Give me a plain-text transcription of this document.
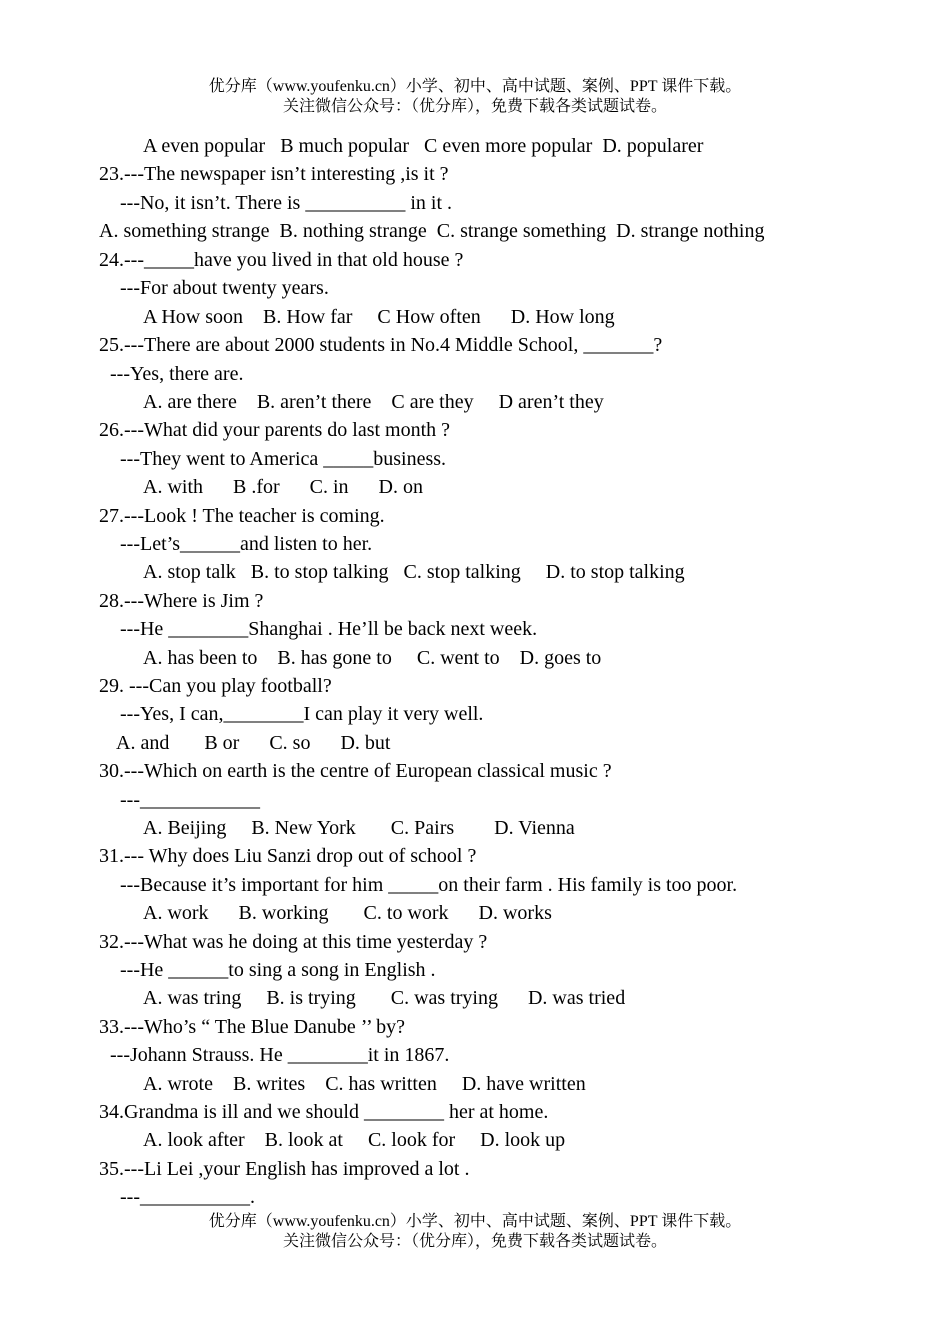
优分库（www.youfenku.cn）小学、初中、高中试题、案例、PPT 课件下载。
关注微信公众号：（优分库），免费下载各类试题试卷。
A even popular   B much popular   C even more popular  D. popularer
23.---The newspaper isn’t interesting ,is it ?
---No, it isn’t. There is __________ in it .
A. something strange  B. nothing strange  C. strange something  D. strange nothing
24.---_____have you lived in that old house ?
---For about twenty years.
A How soon    B. How far     C How often      D. How long
25.---There are about 2000 students in No.4 Middle School, _______?
---Yes, there are.
A. are there    B. aren’t there    C are they     D aren’t they
26.---What did your parents do last month ?
---They went to America _____business.
A. with      B .for      C. in      D. on
27.---Look ! The teacher is coming.
---Let’s______and listen to her.
A. stop talk   B. to stop talking   C. stop talking     D. to stop talking
28.---Where is Jim ?
---He ________Shanghai . He’ll be back next week.
A. has been to    B. has gone to     C. went to    D. goes to
29. ---Can you play football?
---Yes, I can,________I can play it very well.
A. and       B or      C. so      D. but
30.---Which on earth is the centre of European classical music ?
---____________
A. Beijing     B. New York       C. Pairs        D. Vienna
31.--- Why does Liu Sanzi drop out of school ?
---Because it’s important for him _____on their farm . His family is too poor.
A. work      B. working       C. to work      D. works
32.---What was he doing at this time yesterday ?
---He ______to sing a song in English .
A. was tring     B. is trying       C. was trying      D. was tried
33.---Who’s “ The Blue Danube ’’ by?
---Johann Strauss. He ________it in 1867.
A. wrote    B. writes    C. has written     D. have written
34.Grandma is ill and we should ________ her at home.
A. look after    B. look at     C. look for     D. look up
35.---Li Lei ,your English has improved a lot .
---___________.
优分库（www.youfenku.cn）小学、初中、高中试题、案例、PPT 课件下载。
关注微信公众号：（优分库），免费下载各类试题试卷。
